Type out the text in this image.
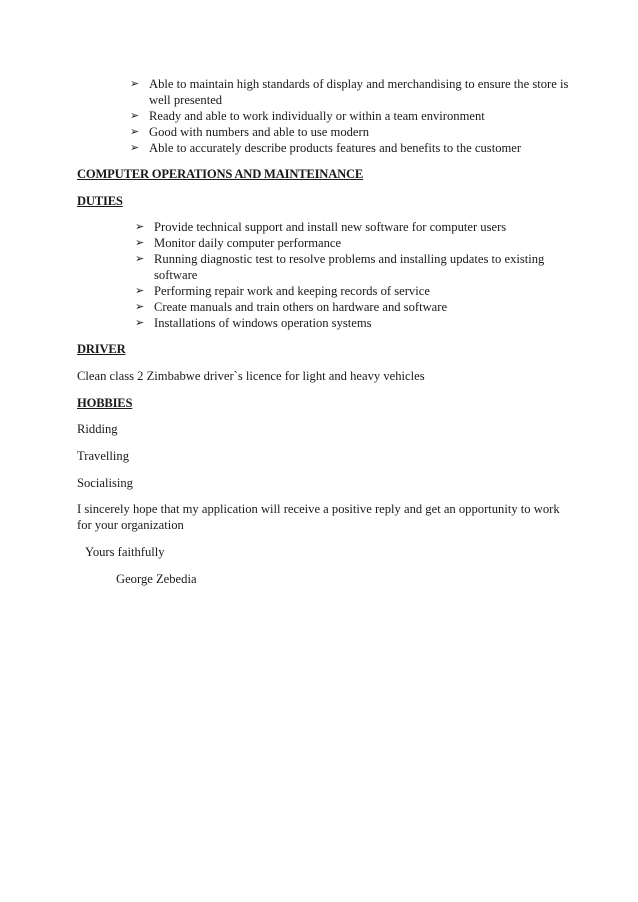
➢ Able to maintain high standards of display and merchandising to ensure the store is well presented
➢ Ready and able to work individually or within a team environment
➢ Good with numbers and able to use modern
➢ Able to accurately describe products features and benefits to the customer
COMPUTER OPERATIONS AND MAINTEINANCE
DUTIES
➢ Provide technical support and install new software for computer users
➢ Monitor daily computer performance
➢ Running diagnostic test to resolve problems and installing updates to existing software
➢ Performing repair work and keeping records of service
➢ Create manuals and train others on hardware and software
➢ Installations of windows operation systems
DRIVER
Clean class 2 Zimbabwe driver`s licence for light and heavy vehicles
HOBBIES
Ridding
Travelling
Socialising
I sincerely hope that my application will receive a positive reply and get an opportunity to work for your organization
Yours faithfully
George Zebedia
